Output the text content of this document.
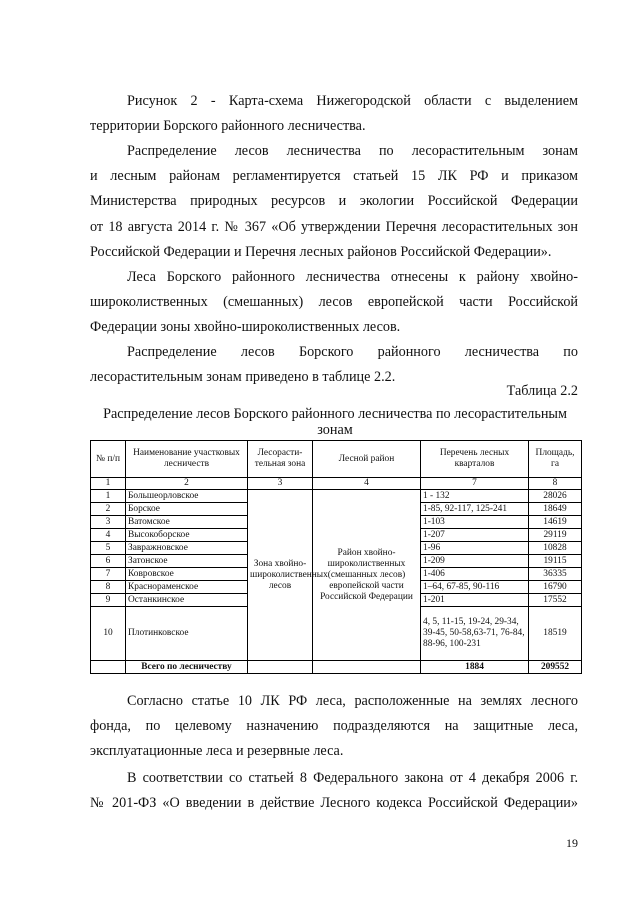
Рисунок 2 - Карта-схема Нижегородской области с выделением
территории Борского районного лесничества.
Распределение лесов лесничества по лесорастительным зонам
и лесным районам регламентируется статьей 15 ЛК РФ и приказом
Министерства природных ресурсов и экологии Российской Федерации
от 18 августа 2014 г. № 367 «Об утверждении Перечня лесорастительных зон
Российской Федерации и Перечня лесных районов Российской Федерации».
Леса Борского районного лесничества отнесены к району хвойно-
широколиственных (смешанных) лесов европейской части Российской
Федерации зоны хвойно-широколиственных лесов.
Распределение лесов Борского районного лесничества по
лесорастительным зонам приведено в таблице 2.2.
Таблица 2.2
Распределение лесов Борского районного лесничества по лесорастительным
зонам
№ п/п	Наименование участковых лесничеств	Лесорасти-тельная зона	Лесной район	Перечень лесных кварталов	Площадь, га
1	2	3	4	7	8
1	Большеорловское	Зона хвойно-широколиственных лесов	Район хвойно-широколиственных (смешанных лесов) европейской части Российской Федерации	1 - 132	28026
2	Борское			1-85, 92-117, 125-241	18649
3	Ватомское			1-103	14619
4	Высокоборское			1-207	29119
5	Завражновское			1-96	10828
6	Затонское			1-209	19115
7	Ковровское			1-406	36335
8	Краснораменское			1–64, 67-85, 90-116	16790
9	Останкинское			1-201	17552
10	Плотинковское			4, 5, 11-15, 19-24, 29-34, 39-45, 50-58,63-71, 76-84, 88-96, 100-231	18519
	Всего по лесничеству			1884	209552
Согласно статье 10 ЛК РФ леса, расположенные на землях лесного
фонда, по целевому назначению подразделяются на защитные леса,
эксплуатационные леса и резервные леса.
В соответствии со статьей 8 Федерального закона от 4 декабря 2006 г.
№ 201-ФЗ «О введении в действие Лесного кодекса Российской Федерации»
19
